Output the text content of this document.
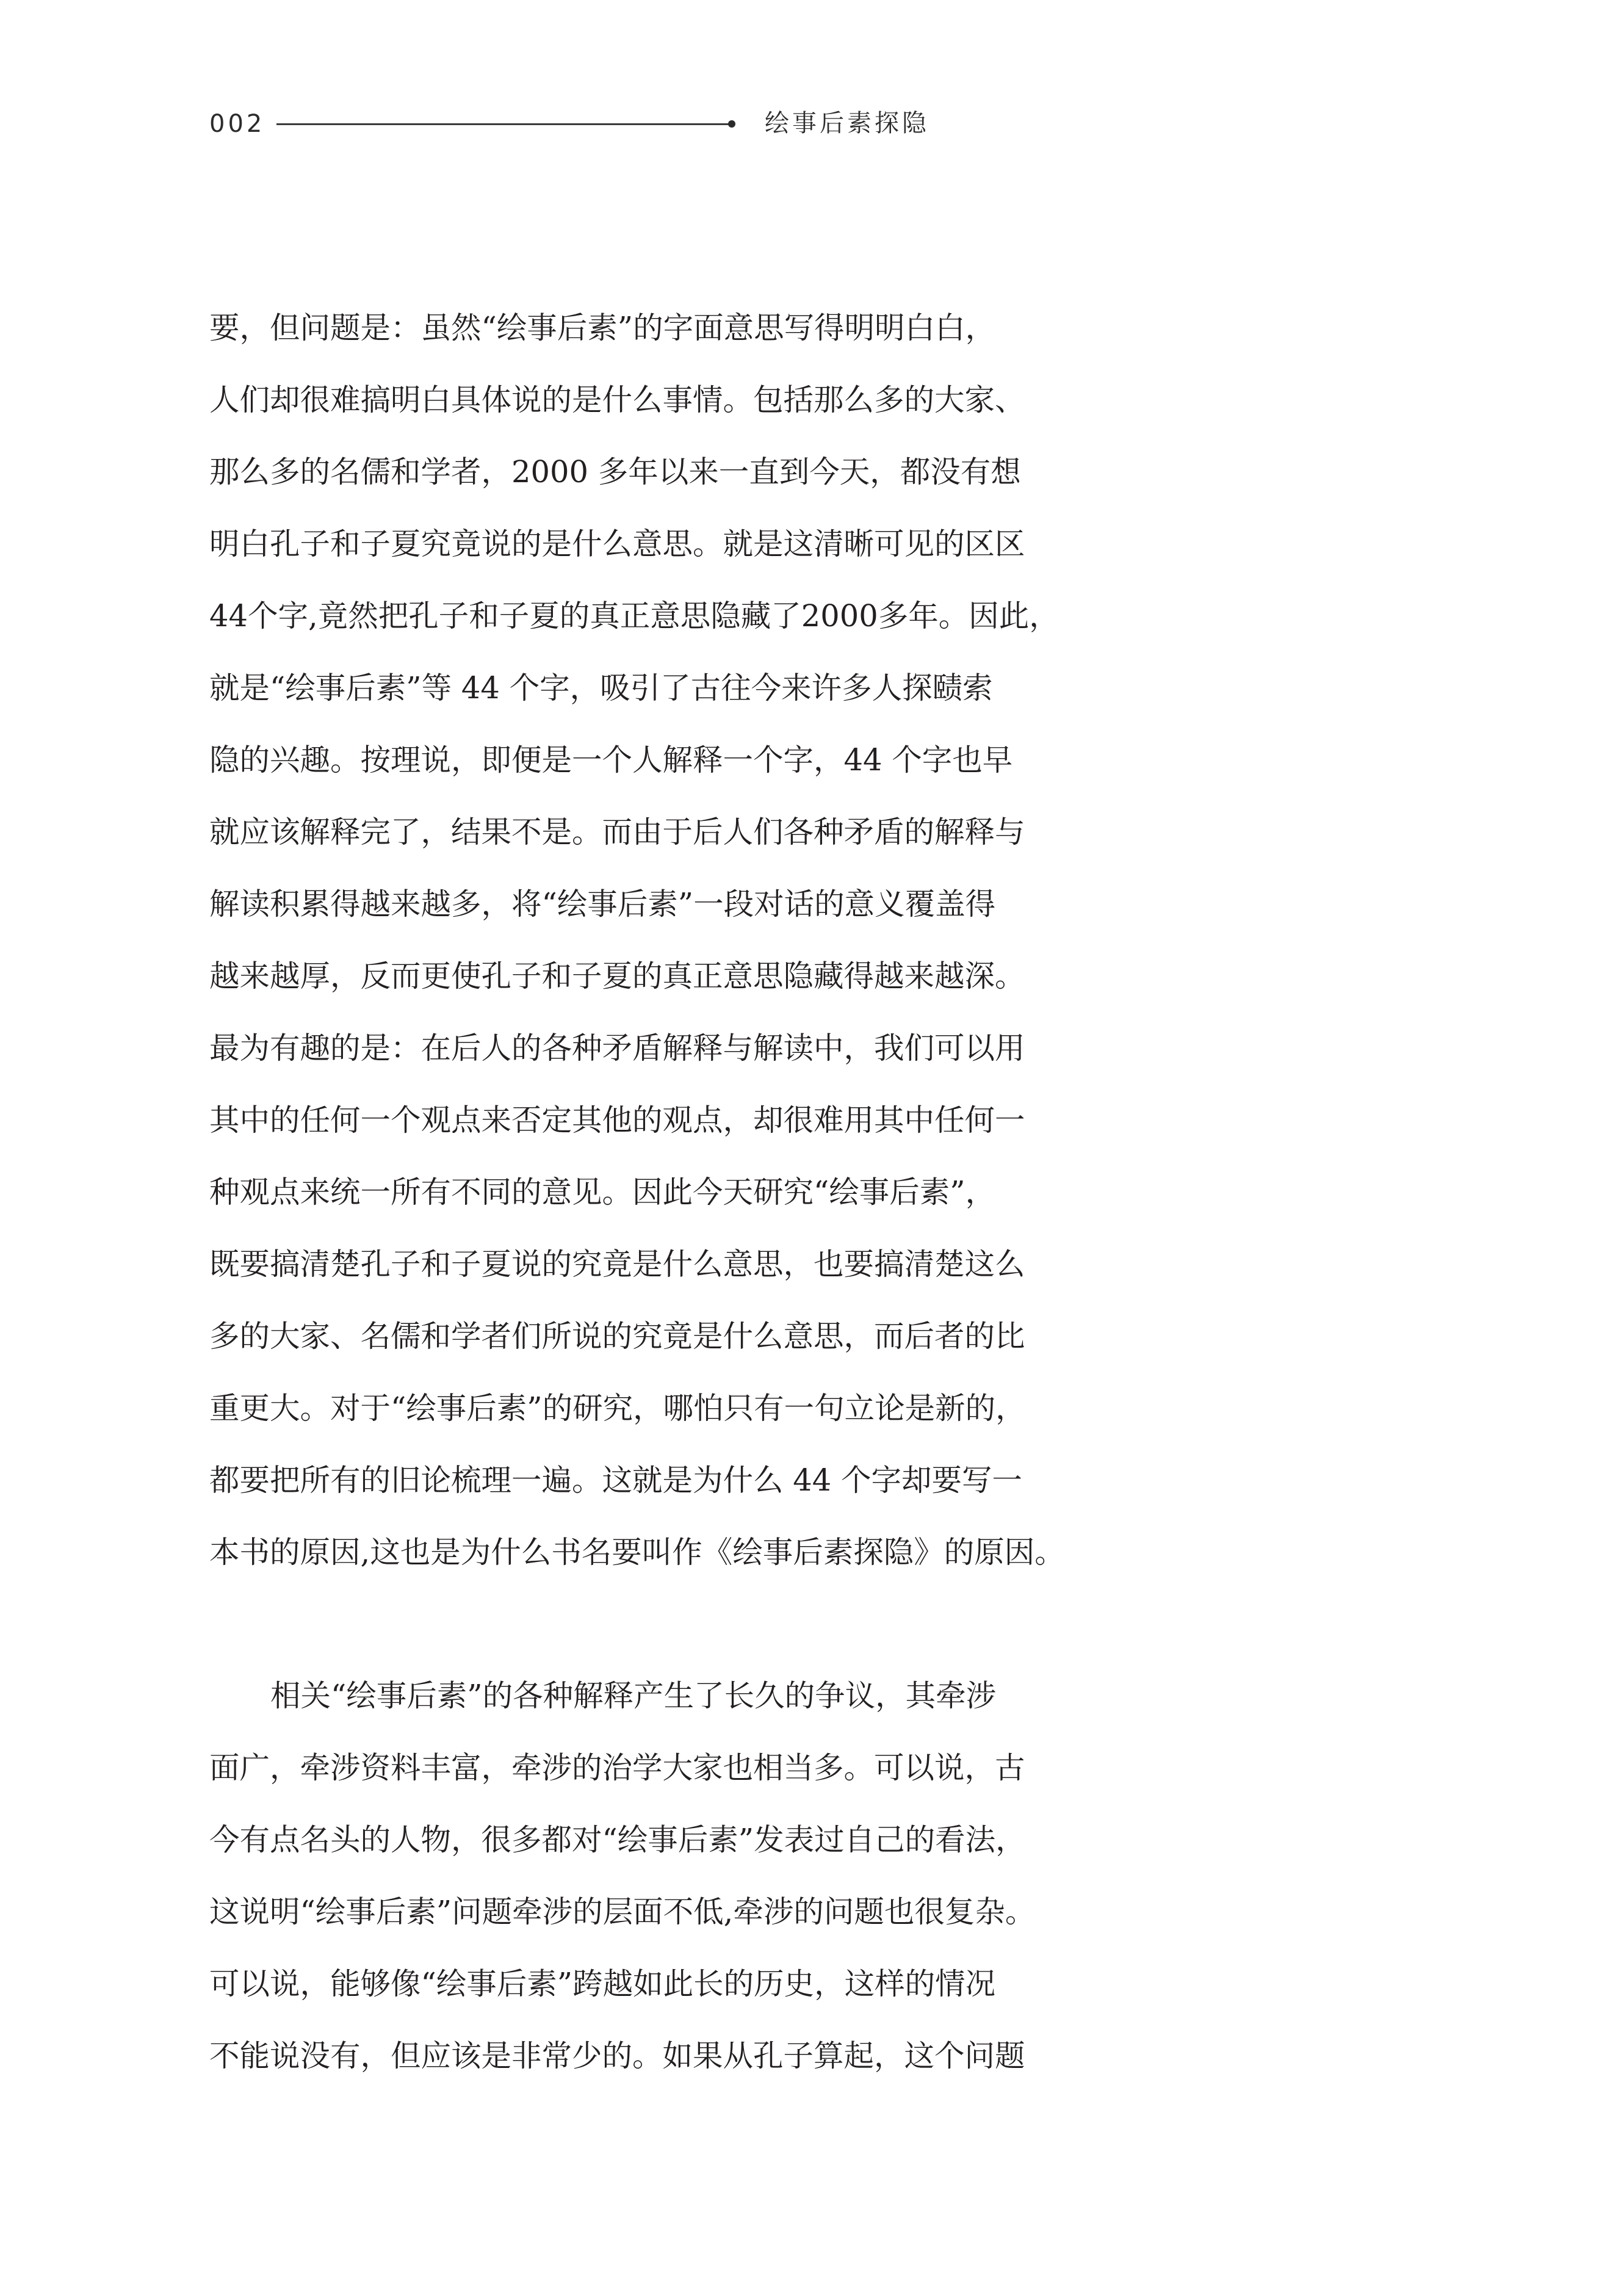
002	绘事后素探隐
要，但问题是：虽然“绘事后素”的字面意思写得明明白白，
人们却很难搞明白具体说的是什么事情。包括那么多的大家、
那么多的名儒和学者，2000 多年以来一直到今天，都没有想
明白孔子和子夏究竟说的是什么意思。就是这清晰可见的区区
44个字,竟然把孔子和子夏的真正意思隐藏了2000多年。因此，
就是“绘事后素”等 44 个字，吸引了古往今来许多人探赜索
隐的兴趣。按理说，即便是一个人解释一个字，44 个字也早
就应该解释完了，结果不是。而由于后人们各种矛盾的解释与
解读积累得越来越多，将“绘事后素”一段对话的意义覆盖得
越来越厚，反而更使孔子和子夏的真正意思隐藏得越来越深。
最为有趣的是：在后人的各种矛盾解释与解读中，我们可以用
其中的任何一个观点来否定其他的观点，却很难用其中任何一
种观点来统一所有不同的意见。因此今天研究“绘事后素”，
既要搞清楚孔子和子夏说的究竟是什么意思，也要搞清楚这么
多的大家、名儒和学者们所说的究竟是什么意思，而后者的比
重更大。对于“绘事后素”的研究，哪怕只有一句立论是新的，
都要把所有的旧论梳理一遍。这就是为什么 44 个字却要写一
本书的原因,这也是为什么书名要叫作《绘事后素探隐》的原因。
相关“绘事后素”的各种解释产生了长久的争议，其牵涉
面广，牵涉资料丰富，牵涉的治学大家也相当多。可以说，古
今有点名头的人物，很多都对“绘事后素”发表过自己的看法，
这说明“绘事后素”问题牵涉的层面不低,牵涉的问题也很复杂。
可以说，能够像“绘事后素”跨越如此长的历史，这样的情况
不能说没有，但应该是非常少的。如果从孔子算起，这个问题
